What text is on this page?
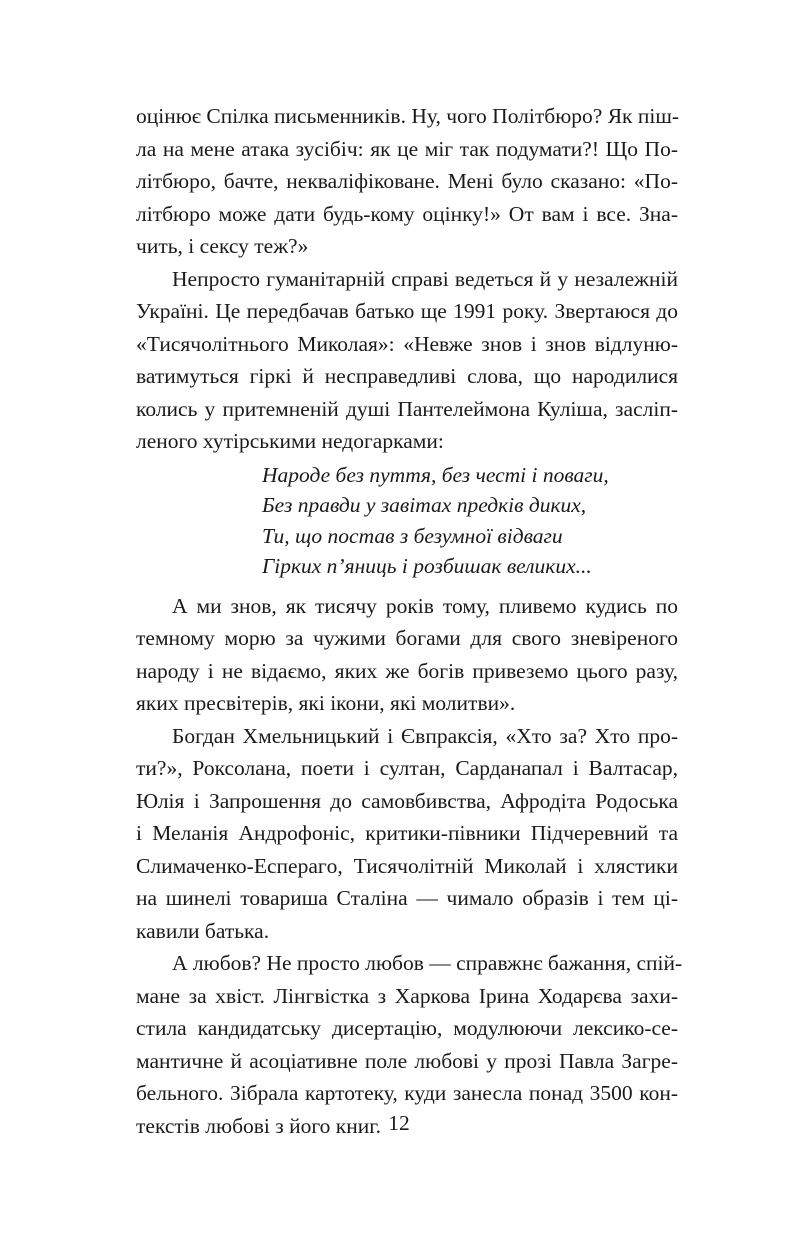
оцінює Спілка письменників. Ну, чого Політбюро? Як піш-
ла на мене атака зусібіч: як це міг так подумати?! Що По-
літбюро, бачте, некваліфіковане. Мені було сказано: «По-
літбюро може дати будь-кому оцінку!» От вам і все. Зна-
чить, і сексу теж?»
Непросто гуманітарній справі ведеться й у незалежній
Україні. Це передбачав батько ще 1991 року. Звертаюся до
«Тисячолітнього Миколая»: «Невже знов і знов відлуню-
ватимуться гіркі й несправедливі слова, що народилися
колись у притемненій душі Пантелеймона Куліша, засліп-
леного хутірськими недогарками:
Народе без пуття, без честі і поваги,
Без правди у завітах предків диких,
Ти, що постав з безумної відваги
Гірких п’яниць і розбишак великих...
А ми знов, як тисячу років тому, пливемо кудись по
темному морю за чужими богами для свого зневіреного
народу і не відаємо, яких же богів привеземо цього разу,
яких пресвітерів, які ікони, які молитви».
Богдан Хмельницький і Євпраксія, «Хто за? Хто про-
ти?», Роксолана, поети і султан, Сарданапал і Валтасар,
Юлія і Запрошення до самовбивства, Афродіта Родоська
і Меланія Андрофоніс, критики-півники Підчеревний та
Слимаченко-Есперагo, Тисячолітній Миколай і хлястики
на шинелі товариша Сталіна — чимало образів і тем ці-
кавили батька.
А любов? Не просто любов — справжнє бажання, спій-
мане за хвіст. Лінгвістка з Харкова Ірина Ходарєва захи-
стила кандидатську дисертацію, модулюючи лексико-се-
мантичне й асоціативне поле любові у прозі Павла Загре-
бельного. Зібрала картотеку, куди занесла понад 3500 кон-
текстів любові з його книг. 12
